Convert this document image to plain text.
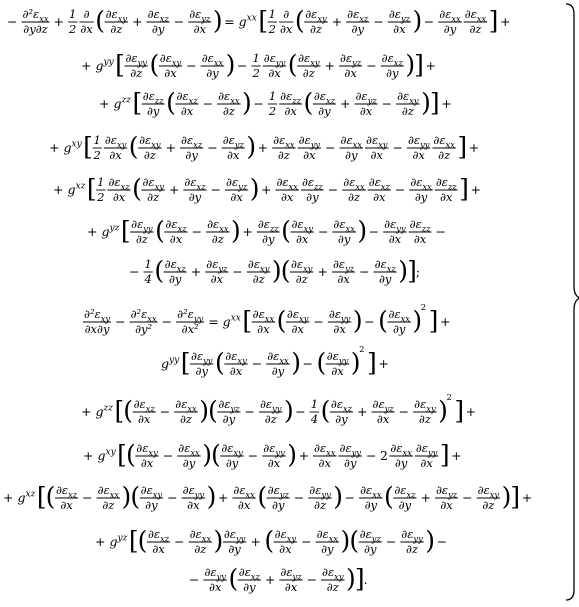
− $\partial^2\varepsilon_{xx}$
∂y∂z + 1
2
∂
∂x ( $\partial\varepsilon_{xy}$
$\partial z + \partial\varepsilon_{xz}$
$\partial y - \partial\varepsilon_{yz}$
∂x ) = $g^{xx}$ [ 1
2
∂
∂x ( $\partial\varepsilon_{xy}$
$\partial z + \partial\varepsilon_{xz}$
$\partial y - \partial\varepsilon_{yz}$
∂x ) − $\partial\varepsilon_{xx}$
∂y
$\partial\varepsilon_{xx}$
∂z ] +
+ $g^{yy}$ [ $\partial\varepsilon_{yy}$
∂z ( $\partial\varepsilon_{xy}$
$\partial x - \partial\varepsilon_{xx}$
∂y ) − 1
2
$\partial\varepsilon_{yy}$
∂x ( $\partial\varepsilon_{xy}$
$\partial z + \partial\varepsilon_{yz}$
$\partial x - \partial\varepsilon_{xz}$
∂y ) ] +
+ $g^{zz}$ [ $\partial\varepsilon_{zz}$
∂y ( $\partial\varepsilon_{xz}$
$\partial x - \partial\varepsilon_{xx}$
∂z ) − 1
2
$\partial\varepsilon_{zz}$
∂x ( $\partial\varepsilon_{xz}$
$\partial y + \partial\varepsilon_{yz}$
$\partial x - \partial\varepsilon_{xy}$
∂z ) ] +
+ $g^{xy}$ [ 1
2
$\partial\varepsilon_{xy}$
∂x ( $\partial\varepsilon_{xy}$
$\partial z + \partial\varepsilon_{xz}$
$\partial y - \partial\varepsilon_{yz}$
∂x ) + $\partial\varepsilon_{xx}$
∂z
$\partial\varepsilon_{yy}$
$\partial x - \partial\varepsilon_{xx}$
∂y
$\partial\varepsilon_{xy}$
$\partial x - \partial\varepsilon_{yy}$
∂x
$\partial\varepsilon_{xx}$
∂z ] +
+ $g^{xz}$ [ 1
2
$\partial\varepsilon_{xz}$
∂x ( $\partial\varepsilon_{xy}$
$\partial z + \partial\varepsilon_{xz}$
$\partial y - \partial\varepsilon_{yz}$
∂x ) + $\partial\varepsilon_{xx}$
∂x
$\partial\varepsilon_{zz}$
$\partial y - \partial\varepsilon_{xx}$
∂z
$\partial\varepsilon_{xz}$
$\partial x - \partial\varepsilon_{xx}$
∂y
$\partial\varepsilon_{zz}$
∂x ] +
+ $g^{yz}$ [ $\partial\varepsilon_{yy}$
∂z ( $\partial\varepsilon_{xz}$
$\partial x - \partial\varepsilon_{xx}$
∂z ) + $\partial\varepsilon_{zz}$
∂y ( $\partial\varepsilon_{xy}$
$\partial x - \partial\varepsilon_{xx}$
∂y ) − $\partial\varepsilon_{yy}$
∂x
$\partial\varepsilon_{zz}$
∂x −
− 1
4 ( $\partial\varepsilon_{xz}$
$\partial y + \partial\varepsilon_{yz}$
$\partial x - \partial\varepsilon_{xy}$
∂z ) ( $\partial\varepsilon_{xy}$
$\partial z + \partial\varepsilon_{yz}$
$\partial x - \partial\varepsilon_{xz}$
∂y ) ] ;
$\partial^2\varepsilon_{xy}$
$\partial x\partial y - \partial^2\varepsilon_{xx}$
$\partial y^2 - \partial^2\varepsilon_{yy}$
$\partial x^2 = g^{xx}$ [ $\partial\varepsilon_{xx}$
∂x ( $\partial\varepsilon_{xy}$
$\partial x - \partial\varepsilon_{yy}$
∂x ) − ( $\partial\varepsilon_{xx}$
∂y )
2 ] +
$g^{yy}$ [ $\partial\varepsilon_{yy}$
∂y ( $\partial\varepsilon_{xy}$
$\partial x - \partial\varepsilon_{xx}$
∂y ) − ( $\partial\varepsilon_{yy}$
∂x )
2 ] +
+ $g^{zz}$ [ ( $\partial\varepsilon_{xz}$
$\partial x - \partial\varepsilon_{xx}$
∂z ) ( $\partial\varepsilon_{yz}$
$\partial y - \partial\varepsilon_{yy}$
∂z ) − 1
4 ( $\partial\varepsilon_{xz}$
$\partial y + \partial\varepsilon_{yz}$
$\partial x - \partial\varepsilon_{xy}$
∂z )
2 ] +
+ $g^{xy}$ [ ( $\partial\varepsilon_{xy}$
$\partial x - \partial\varepsilon_{xx}$
∂y ) ( $\partial\varepsilon_{xy}$
$\partial y - \partial\varepsilon_{yy}$
∂x ) + $\partial\varepsilon_{xx}$
∂x
$\partial\varepsilon_{yy}$
∂y − 2 $\partial\varepsilon_{xx}$
∂y
$\partial\varepsilon_{yy}$
∂x ] +
+ $g^{xz}$ [ ( $\partial\varepsilon_{xz}$
$\partial x - \partial\varepsilon_{xx}$
∂z ) ( $\partial\varepsilon_{xy}$
$\partial y - \partial\varepsilon_{yy}$
∂x ) + $\partial\varepsilon_{xx}$
∂x ( $\partial\varepsilon_{yz}$
$\partial y - \partial\varepsilon_{yy}$
∂z ) − $\partial\varepsilon_{xx}$
∂y ( $\partial\varepsilon_{xz}$
$\partial y + \partial\varepsilon_{yz}$
$\partial x - \partial\varepsilon_{xy}$
∂z ) ] +
+ $g^{yz}$ [ ( $\partial\varepsilon_{xz}$
$\partial x - \partial\varepsilon_{xx}$
∂z ) $\partial\varepsilon_{yy}$
∂y + ( $\partial\varepsilon_{xy}$
$\partial x - \partial\varepsilon_{xx}$
∂y ) ( $\partial\varepsilon_{yz}$
$\partial y - \partial\varepsilon_{yy}$
∂z ) −
− $\partial\varepsilon_{yy}$
∂x ( $\partial\varepsilon_{xz}$
$\partial y + \partial\varepsilon_{yz}$
$\partial x - \partial\varepsilon_{xy}$
∂z ) ] .
